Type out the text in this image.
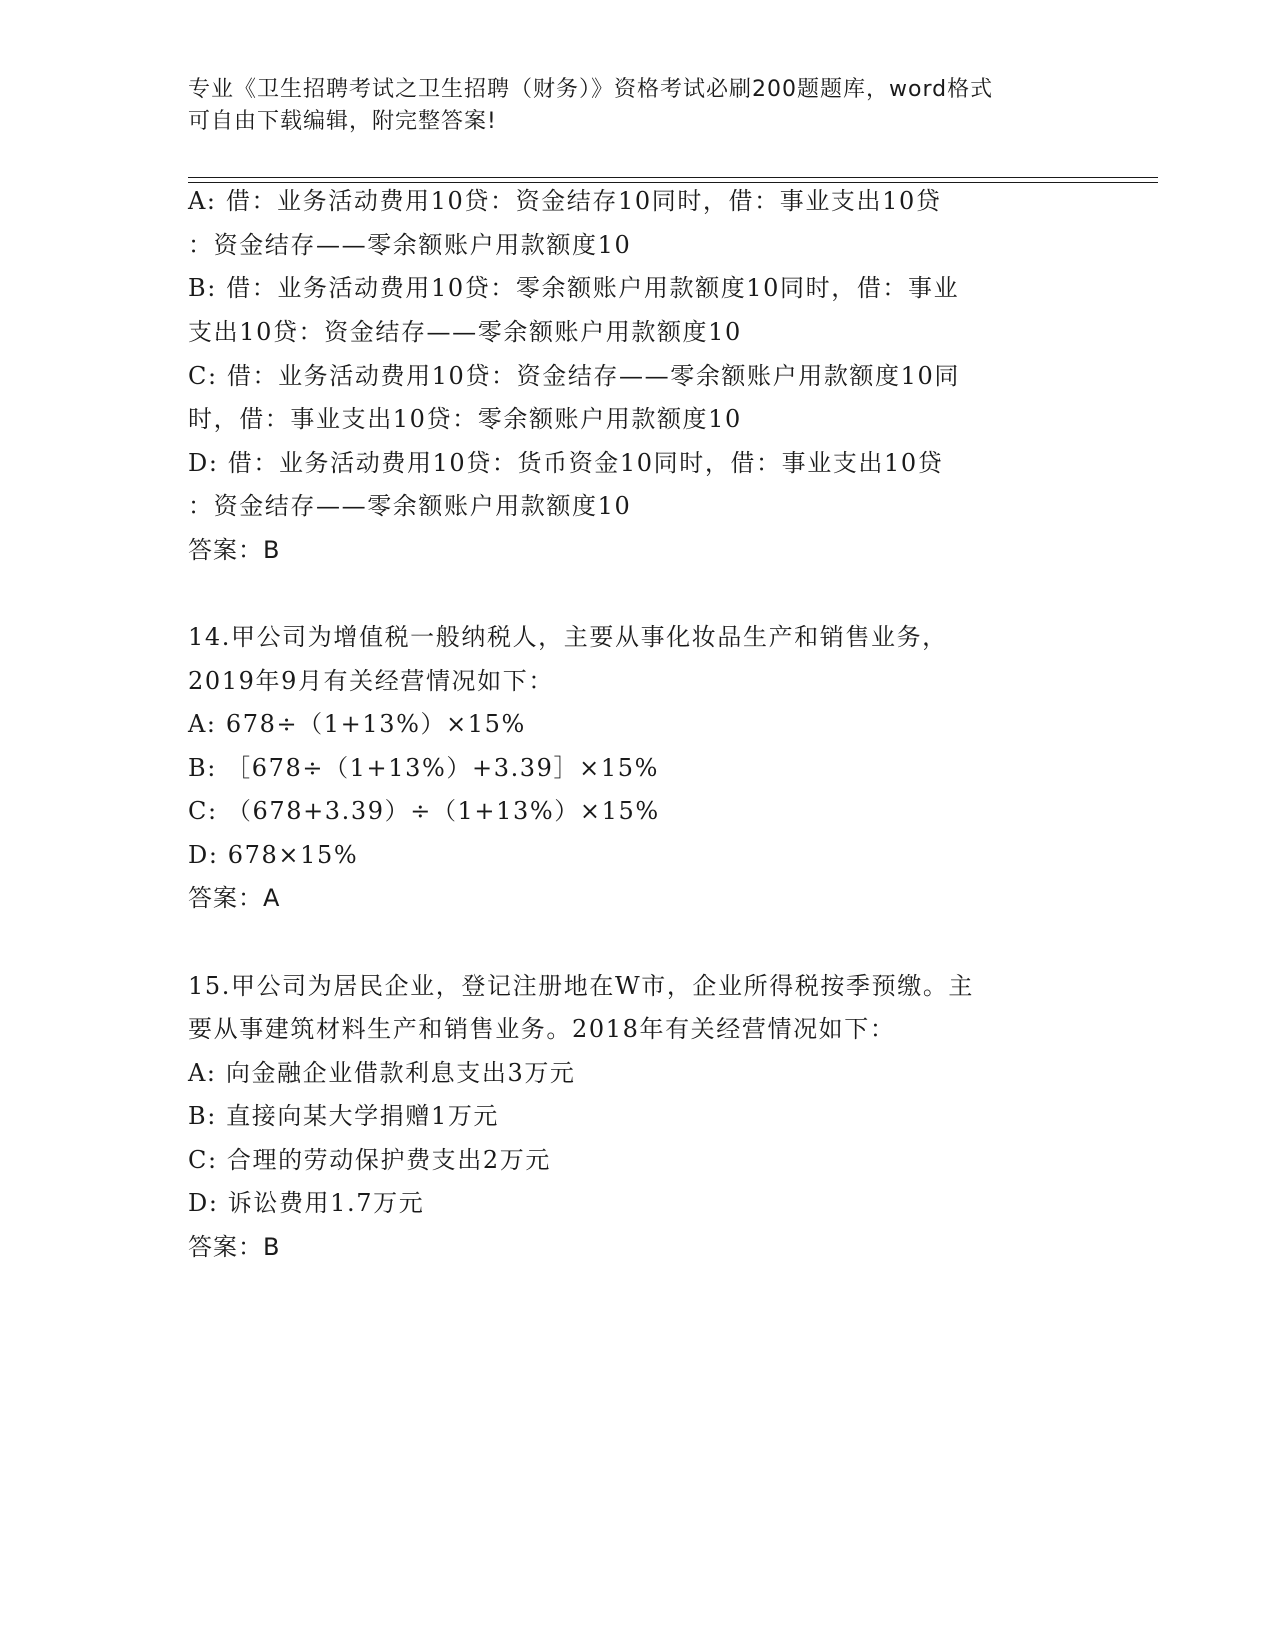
专业《卫生招聘考试之卫生招聘（财务）》资格考试必刷200题题库，word格式
可自由下载编辑，附完整答案!
A: 借：业务活动费用10贷：资金结存10同时，借：事业支出10贷
：资金结存——零余额账户用款额度10
B: 借：业务活动费用10贷：零余额账户用款额度10同时，借：事业
支出10贷：资金结存——零余额账户用款额度10
C: 借：业务活动费用10贷：资金结存——零余额账户用款额度10同
时，借：事业支出10贷：零余额账户用款额度10
D: 借：业务活动费用10贷：货币资金10同时，借：事业支出10贷
：资金结存——零余额账户用款额度10
答案：B
14.甲公司为增值税一般纳税人，主要从事化妆品生产和销售业务，
2019年9月有关经营情况如下：
A: 678÷（1+13%）×15%
B: ［678÷（1+13%）+3.39］×15%
C: （678+3.39）÷（1+13%）×15%
D: 678×15%
答案：A
15.甲公司为居民企业，登记注册地在W市，企业所得税按季预缴。主
要从事建筑材料生产和销售业务。2018年有关经营情况如下：
A: 向金融企业借款利息支出3万元
B: 直接向某大学捐赠1万元
C: 合理的劳动保护费支出2万元
D: 诉讼费用1.7万元
答案：B
